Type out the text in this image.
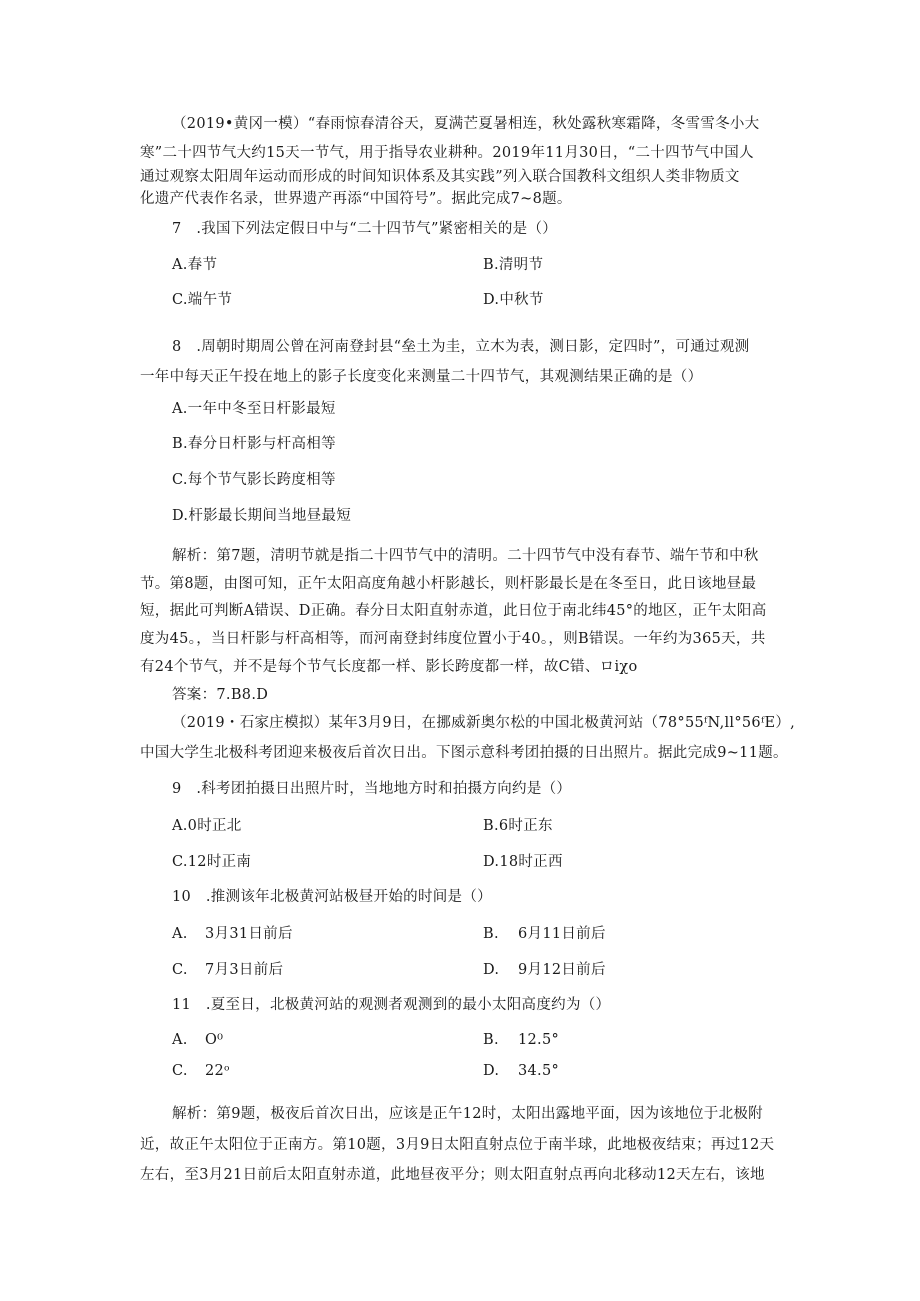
（2019•黄冈一模）“春雨惊春清谷天，夏满芒夏暑相连，秋处露秋寒霜降，冬雪雪冬小大
寒”二十四节气大约15天一节气，用于指导农业耕种。2019年11月30日，“二十四节气中国人
通过观察太阳周年运动而形成的时间知识体系及其实践”列入联合国教科文组织人类非物质文
化遗产代表作名录，世界遗产再添“中国符号”。据此完成7~8题。
7　.我国下列法定假日中与“二十四节气”紧密相关的是（）
A.春节	B.清明节
C.端午节	D.中秋节
8　.周朝时期周公曾在河南登封县“垒土为圭，立木为表，测日影，定四时”，可通过观测
一年中每天正午投在地上的影子长度变化来测量二十四节气，其观测结果正确的是（）
A.一年中冬至日杆影最短
B.春分日杆影与杆高相等
C.每个节气影长跨度相等
D.杆影最长期间当地昼最短
解析：第7题，清明节就是指二十四节气中的清明。二十四节气中没有春节、端午节和中秋
节。第8题，由图可知，正午太阳高度角越小杆影越长，则杆影最长是在冬至日，此日该地昼最
短，据此可判断A错误、D正确。春分日太阳直射赤道，此日位于南北纬45°的地区，正午太阳高
度为45。，当日杆影与杆高相等，而河南登封纬度位置小于40。，则B错误。一年约为365天，共
有24个节气，并不是每个节气长度都一样、影长跨度都一样，故C错、ロiχo
答案：7.B8.D
（2019・石家庄模拟）某年3月9日，在挪威新奥尔松的中国北极黄河站（78°55ᶠN,ll°56ᶠE）,
中国大学生北极科考团迎来极夜后首次日出。下图示意科考团拍摄的日出照片。据此完成9~11题。
9　.科考团拍摄日出照片时，当地地方时和拍摄方向约是（）
A.0时正北	B.6时正东
C.12时正南	D.18时正西
10　.推测该年北极黄河站极昼开始的时间是（）
A. 3月31日前后	B. 6月11日前后
C. 7月3日前后	D. 9月12日前后
11　.夏至日，北极黄河站的观测者观测到的最小太阳高度约为（）
A. O⁰	B. 12.5°
C. 22ᵒ	D. 34.5°
解析：第9题，极夜后首次日出，应该是正午12时，太阳出露地平面，因为该地位于北极附
近，故正午太阳位于正南方。第10题，3月9日太阳直射点位于南半球，此地极夜结束；再过12天
左右，至3月21日前后太阳直射赤道，此地昼夜平分；则太阳直射点再向北移动12天左右，该地
